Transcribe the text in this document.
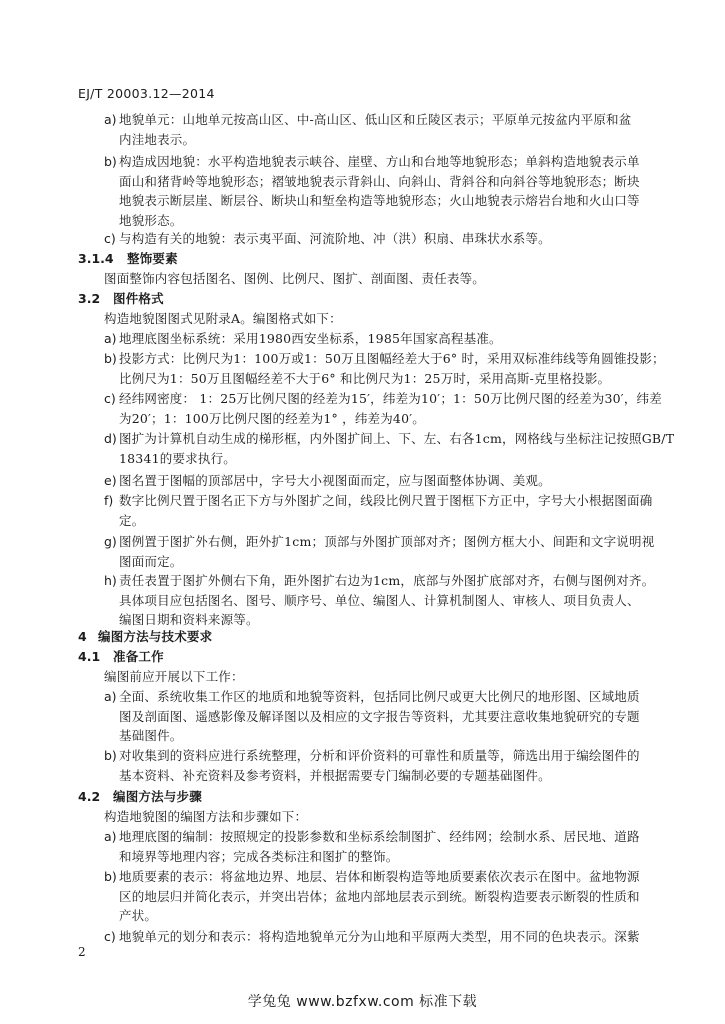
EJ/T 20003.12—2014
a) 地貌单元：山地单元按高山区、中-高山区、低山区和丘陵区表示；平原单元按盆内平原和盆
内洼地表示。
b) 构造成因地貌：水平构造地貌表示峡谷、崖壁、方山和台地等地貌形态；单斜构造地貌表示单
面山和猪背岭等地貌形态；褶皱地貌表示背斜山、向斜山、背斜谷和向斜谷等地貌形态；断块
地貌表示断层崖、断层谷、断块山和堑垒构造等地貌形态；火山地貌表示熔岩台地和火山口等
地貌形态。
c) 与构造有关的地貌：表示夷平面、河流阶地、冲（洪）积扇、串珠状水系等。
3.1.4 整饰要素
图面整饰内容包括图名、图例、比例尺、图扩、剖面图、责任表等。
3.2 图件格式
构造地貌图图式见附录A。编图格式如下：
a) 地理底图坐标系统：采用1980西安坐标系，1985年国家高程基准。
b) 投影方式：比例尺为1：100万或1：50万且图幅经差大于6° 时，采用双标准纬线等角圆锥投影；
比例尺为1：50万且图幅经差不大于6° 和比例尺为1：25万时，采用高斯-克里格投影。
c) 经纬网密度： 1：25万比例尺图的经差为15′，纬差为10′；1：50万比例尺图的经差为30′，纬差
为20′；1：100万比例尺图的经差为1° ，纬差为40′。
d) 图扩为计算机自动生成的梯形框，内外图扩间上、下、左、右各1cm，网格线与坐标注记按照GB/T
18341的要求执行。
e) 图名置于图幅的顶部居中，字号大小视图面而定，应与图面整体协调、美观。
f) 数字比例尺置于图名正下方与外图扩之间，线段比例尺置于图框下方正中，字号大小根据图面确
定。
g) 图例置于图扩外右侧，距外扩1cm；顶部与外图扩顶部对齐；图例方框大小、间距和文字说明视
图面而定。
h) 责任表置于图扩外侧右下角，距外图扩右边为1cm，底部与外图扩底部对齐，右侧与图例对齐。
具体项目应包括图名、图号、顺序号、单位、编图人、计算机制图人、审核人、项目负责人、
编图日期和资料来源等。
4 编图方法与技术要求
4.1 准备工作
编图前应开展以下工作：
a) 全面、系统收集工作区的地质和地貌等资料，包括同比例尺或更大比例尺的地形图、区域地质
图及剖面图、遥感影像及解译图以及相应的文字报告等资料，尤其要注意收集地貌研究的专题
基础图件。
b) 对收集到的资料应进行系统整理，分析和评价资料的可靠性和质量等，筛选出用于编绘图件的
基本资料、补充资料及参考资料，并根据需要专门编制必要的专题基础图件。
4.2 编图方法与步骤
构造地貌图的编图方法和步骤如下：
a) 地理底图的编制：按照规定的投影参数和坐标系绘制图扩、经纬网；绘制水系、居民地、道路
和境界等地理内容；完成各类标注和图扩的整饰。
b) 地质要素的表示：将盆地边界、地层、岩体和断裂构造等地质要素依次表示在图中。盆地物源
区的地层归并简化表示，并突出岩体；盆地内部地层表示到统。断裂构造要表示断裂的性质和
产状。
c) 地貌单元的划分和表示：将构造地貌单元分为山地和平原两大类型，用不同的色块表示。深紫
2
学兔兔 www.bzfxw.com 标准下载
